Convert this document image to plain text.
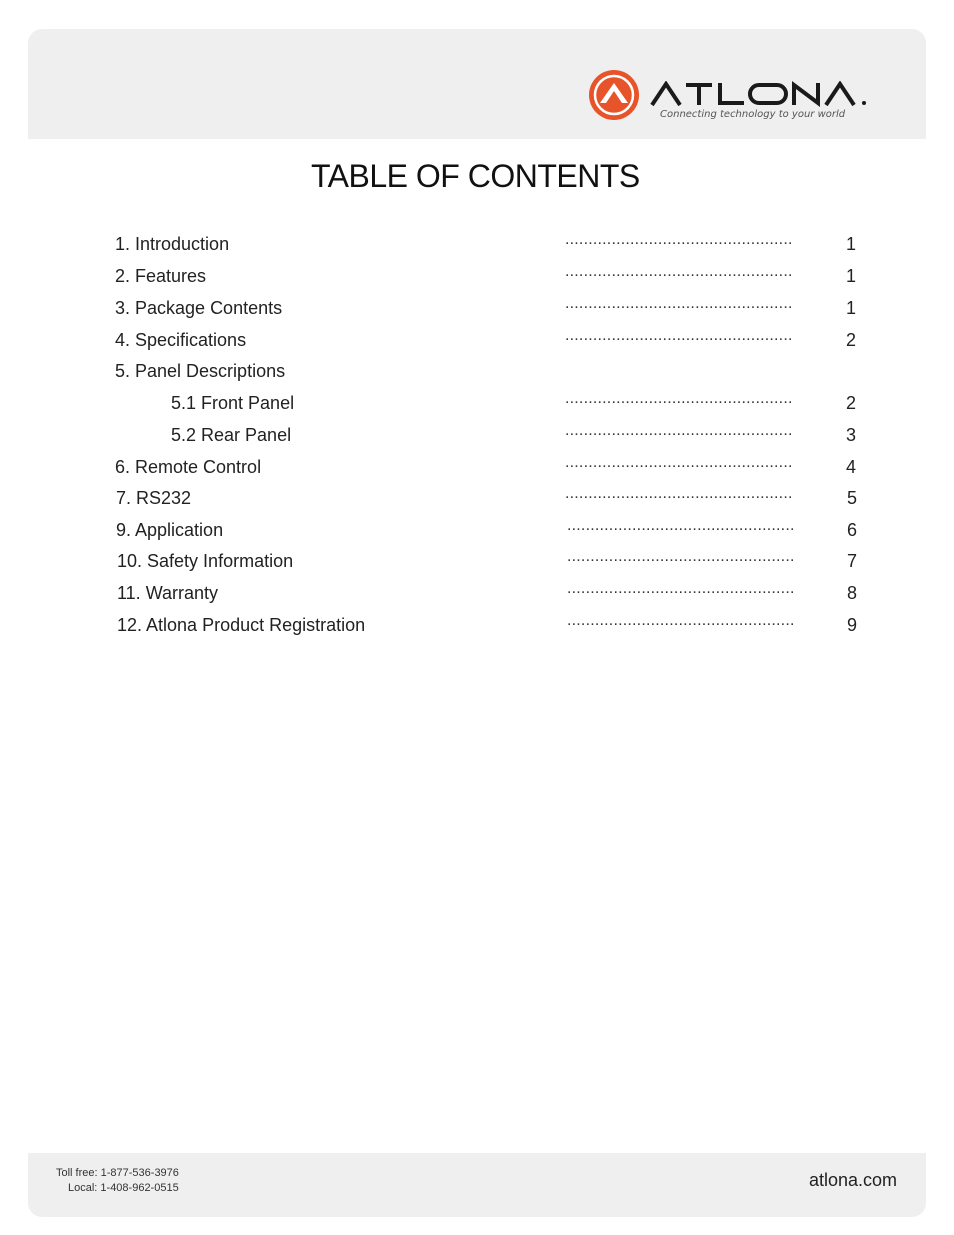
Connecting technology to your world
TABLE OF CONTENTS
1. Introduction	.................................................	1
2. Features	.................................................	1
3. Package Contents	.................................................	1
4. Specifications	.................................................	2
5. Panel Descriptions
5.1 Front Panel	.................................................	2
5.2 Rear Panel	.................................................	3
6. Remote Control	.................................................	4
7. RS232	.................................................	5
9. Application	.................................................	6
10. Safety Information	.................................................	7
11. Warranty	.................................................	8
12. Atlona Product Registration	.................................................	9
Toll free: 1-877-536-3976
Local: 1-408-962-0515	atlona.com
